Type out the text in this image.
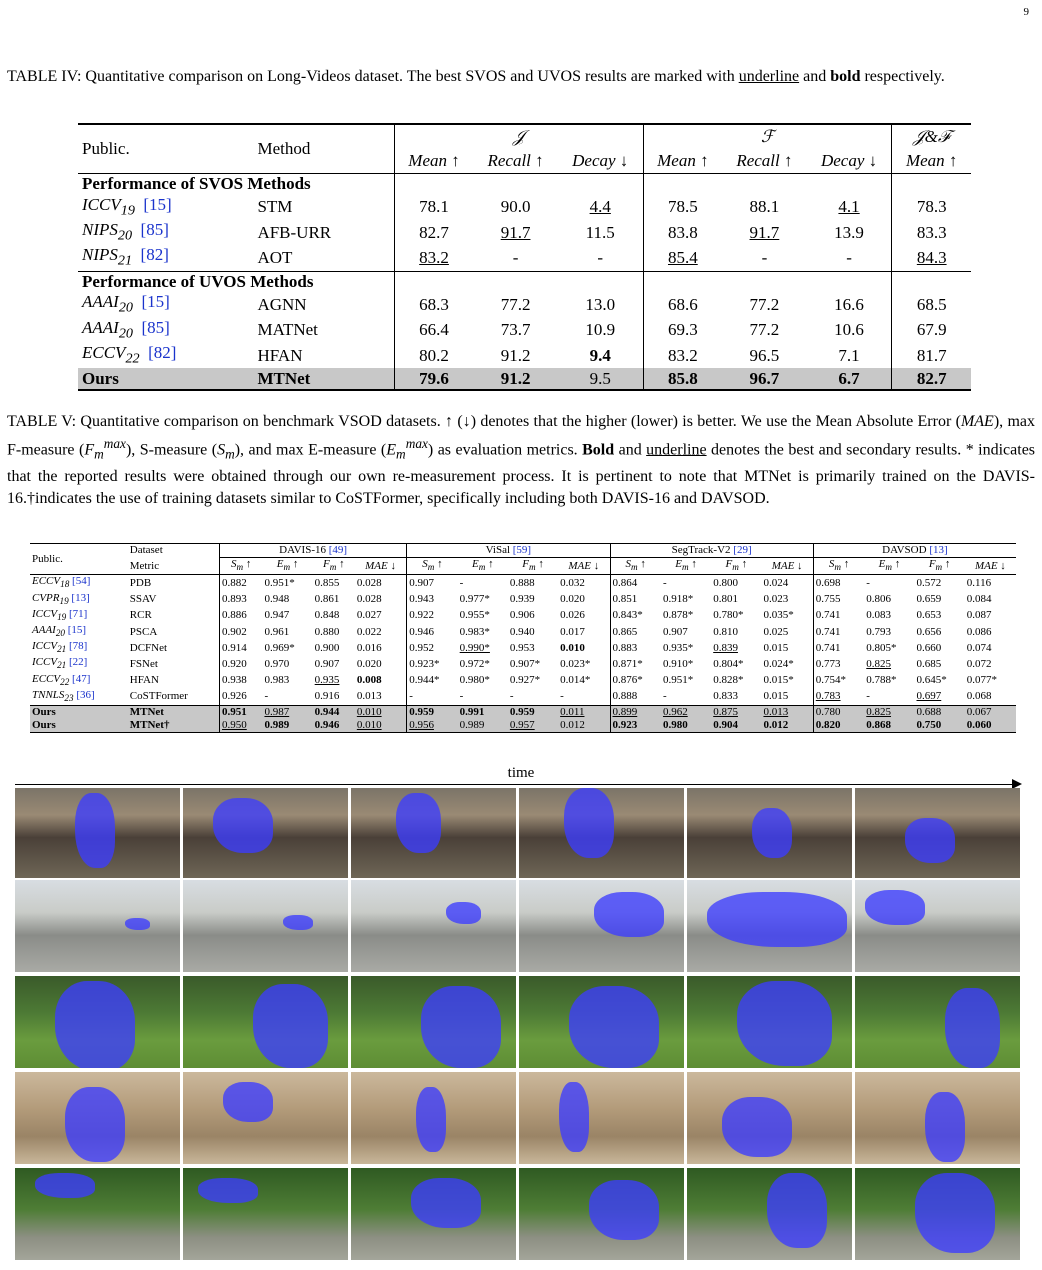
9
TABLE IV: Quantitative comparison on Long-Videos dataset. The best SVOS and UVOS results are marked with underline and bold respectively.
Public.	Method	𝒥			ℱ			𝒥&ℱ
		Mean ↑	Recall ↑	Decay ↓	Mean ↑	Recall ↑	Decay ↓	Mean ↑
Performance of SVOS Methods								
$ICCV_{19}$ [15]	STM	78.1	90.0	4.4	78.5	88.1	4.1	78.3
$NIPS_{20}$ [85]	AFB-URR	82.7	91.7	11.5	83.8	91.7	13.9	83.3
$NIPS_{21}$ [82]	AOT	83.2	-	-	85.4	-	-	84.3
Performance of UVOS Methods								
$AAAI_{20}$ [15]	AGNN	68.3	77.2	13.0	68.6	77.2	16.6	68.5
$AAAI_{20}$ [85]	MATNet	66.4	73.7	10.9	69.3	77.2	10.6	67.9
$ECCV_{22}$ [82]	HFAN	80.2	91.2	9.4	83.2	96.5	7.1	81.7
Ours	MTNet	79.6	91.2	9.5	85.8	96.7	6.7	82.7
TABLE V: Quantitative comparison on benchmark VSOD datasets. ↑ (↓) denotes that the higher (lower) is better. We use the Mean Absolute Error (MAE), max F-measure $(F_m^{max})$, S-measure $(S_m)$, and max E-measure $(E_m^{max})$ as evaluation metrics. Bold and underline denotes the best and secondary results. * indicates that the reported results were obtained through our own re-measurement process. It is pertinent to note that MTNet is primarily trained on the DAVIS-16.†indicates the use of training datasets similar to CoSTFormer, specifically including both DAVIS-16 and DAVSOD.
Public.	Dataset	DAVIS-16 [49]				ViSal [59]				SegTrack-V2 [29]				DAVSOD [13]			
	Metric	$S_m$ ↑	$E_m$ ↑	$F_m$ ↑	MAE ↓	$S_m$ ↑	$E_m$ ↑	$F_m$ ↑	MAE ↓	$S_m$ ↑	$E_m$ ↑	$F_m$ ↑	MAE ↓	$S_m$ ↑	$E_m$ ↑	$F_m$ ↑	MAE ↓
$ECCV_{18}$ [54]	PDB	0.882	0.951*	0.855	0.028	0.907	-	0.888	0.032	0.864	-	0.800	0.024	0.698	-	0.572	0.116
$CVPR_{19}$ [13]	SSAV	0.893	0.948	0.861	0.028	0.943	0.977*	0.939	0.020	0.851	0.918*	0.801	0.023	0.755	0.806	0.659	0.084
$ICCV_{19}$ [71]	RCR	0.886	0.947	0.848	0.027	0.922	0.955*	0.906	0.026	0.843*	0.878*	0.780*	0.035*	0.741	0.083	0.653	0.087
$AAAI_{20}$ [15]	PSCA	0.902	0.961	0.880	0.022	0.946	0.983*	0.940	0.017	0.865	0.907	0.810	0.025	0.741	0.793	0.656	0.086
$ICCV_{21}$ [78]	DCFNet	0.914	0.969*	0.900	0.016	0.952	0.990*	0.953	0.010	0.883	0.935*	0.839	0.015	0.741	0.805*	0.660	0.074
$ICCV_{21}$ [22]	FSNet	0.920	0.970	0.907	0.020	0.923*	0.972*	0.907*	0.023*	0.871*	0.910*	0.804*	0.024*	0.773	0.825	0.685	0.072
$ECCV_{22}$ [47]	HFAN	0.938	0.983	0.935	0.008	0.944*	0.980*	0.927*	0.014*	0.876*	0.951*	0.828*	0.015*	0.754*	0.788*	0.645*	0.077*
$TNNLS_{23}$ [36]	CoSTFormer	0.926	-	0.916	0.013	-	-	-	-	0.888	-	0.833	0.015	0.783	-	0.697	0.068
Ours	MTNet	0.951	0.987	0.944	0.010	0.959	0.991	0.959	0.011	0.899	0.962	0.875	0.013	0.780	0.825	0.688	0.067
Ours	MTNet†	0.950	0.989	0.946	0.010	0.956	0.989	0.957	0.012	0.923	0.980	0.904	0.012	0.820	0.868	0.750	0.060
time
